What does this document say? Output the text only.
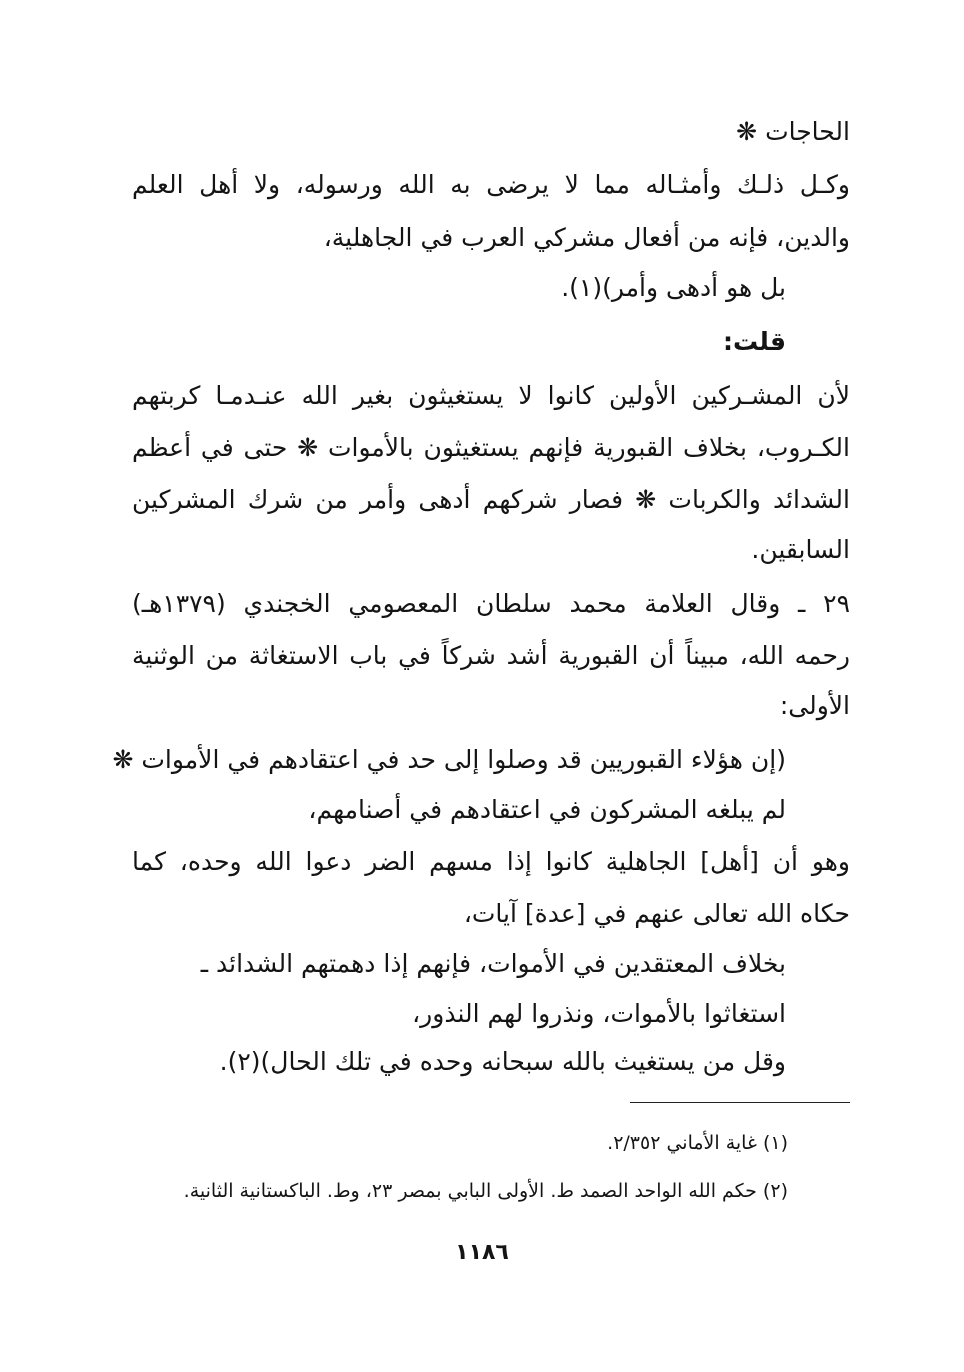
الحاجات ❋
وكـل ذلـك وأمثـاله مما لا يرضى به الله ورسوله، ولا أهل العلم
والدين، فإنه من أفعال مشركي العرب في الجاهلية،
بل هو أدهى وأمر)(١).
قلت:
لأن المشـركين الأولين كانوا لا يستغيثون بغير الله عنـدمـا كربتهم
الكـروب، بخلاف القبورية فإنهم يستغيثون بالأموات ❋ حتى في أعظم
الشدائد والكربات ❋ فصار شركهم أدهى وأمر من شرك المشركين
السابقين.
٢٩ ـ وقال العلامة محمد سلطان المعصومي الخجندي (١٣٧٩هـ)
رحمه الله، مبيناً أن القبورية أشد شركاً في باب الاستغاثة من الوثنية
الأولى:
(إن هؤلاء القبوريين قد وصلوا إلى حد في اعتقادهم في الأموات ❋
لم يبلغه المشركون في اعتقادهم في أصنامهم،
وهو أن [أهل] الجاهلية كانوا إذا مسهم الضر دعوا الله وحده، كما
حكاه الله تعالى عنهم في [عدة] آيات،
بخلاف المعتقدين في الأموات، فإنهم إذا دهمتهم الشدائد ـ
استغاثوا بالأموات، ونذروا لهم النذور،
وقل من يستغيث بالله سبحانه وحده في تلك الحال)(٢).
(١) غاية الأماني ٢/٣٥٢.
(٢) حكم الله الواحد الصمد ط. الأولى البابي بمصر ٢٣، وط. الباكستانية الثانية.
١١٨٦
